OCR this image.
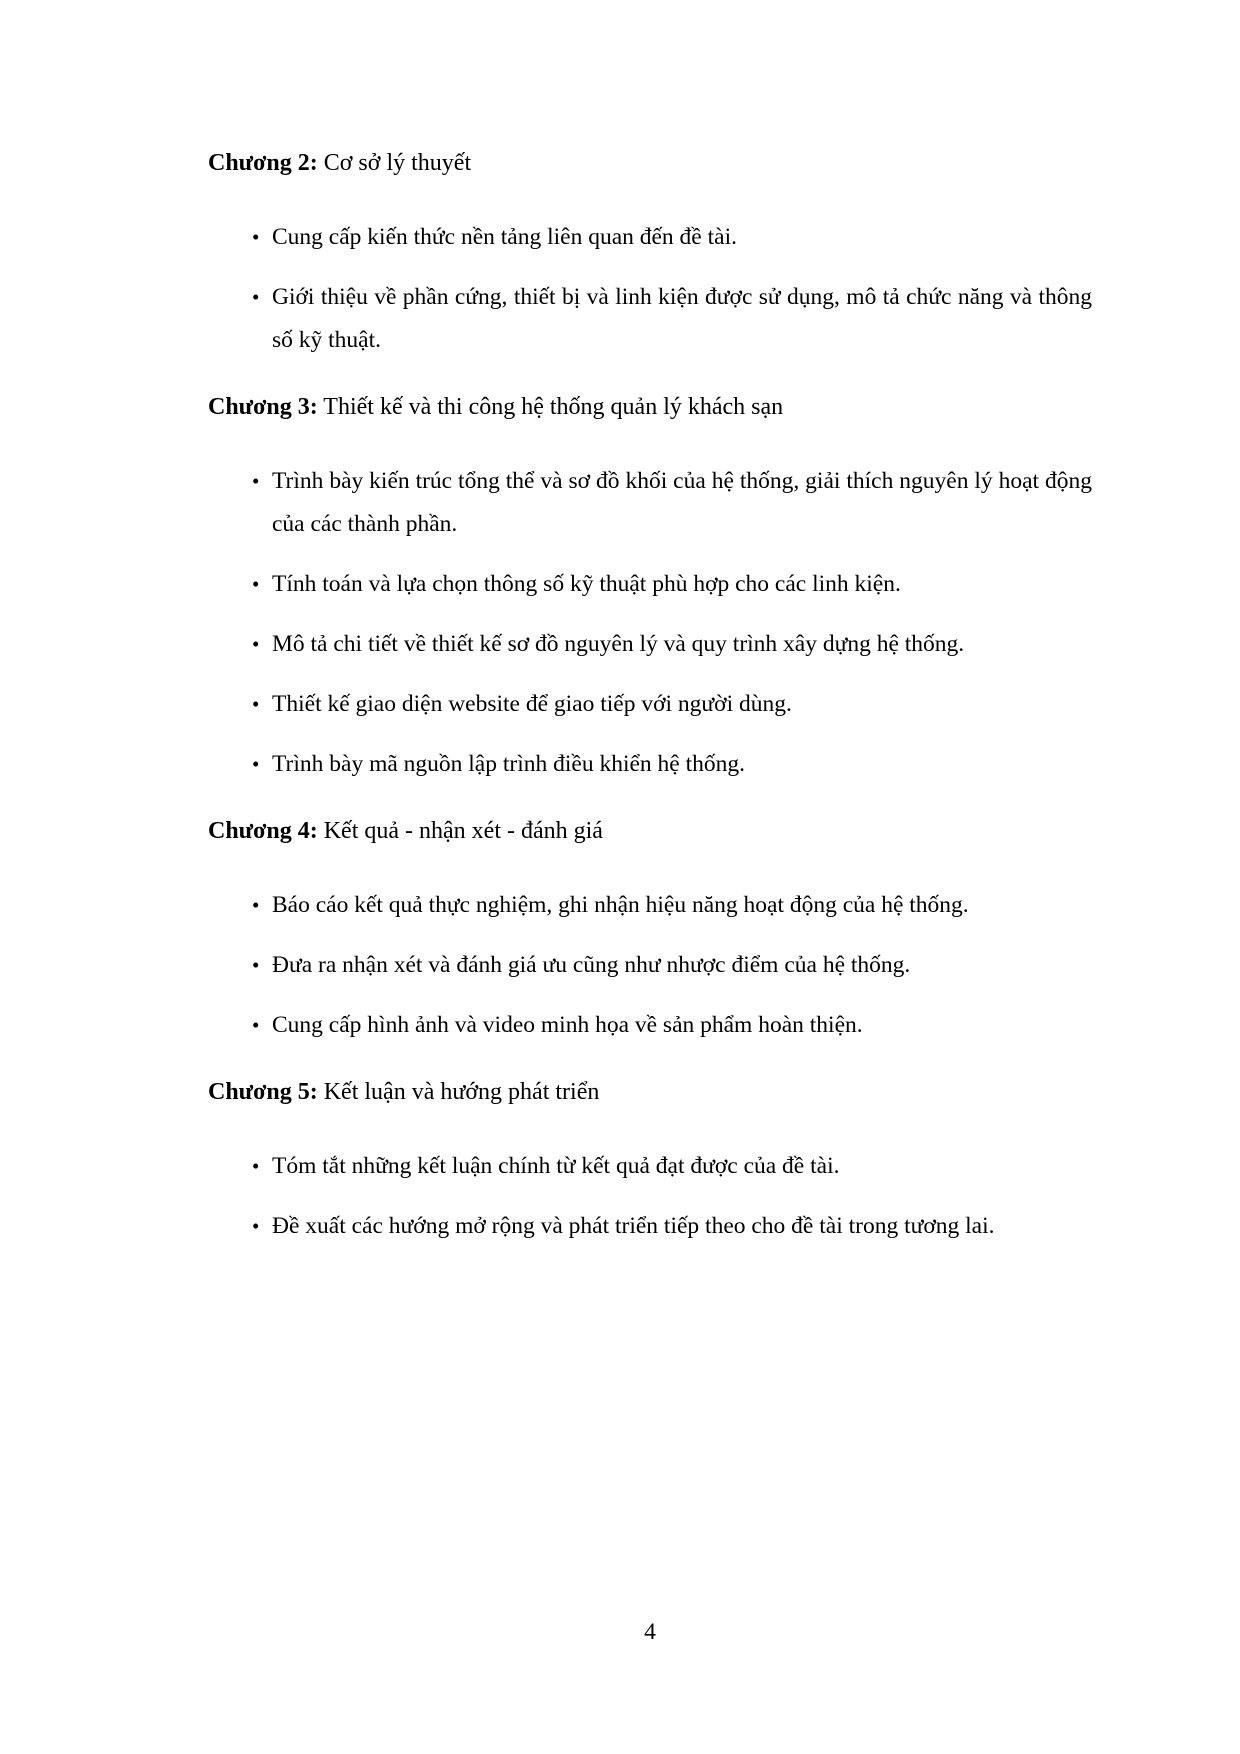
Chương 2: Cơ sở lý thuyết
• Cung cấp kiến thức nền tảng liên quan đến đề tài.
• Giới thiệu về phần cứng, thiết bị và linh kiện được sử dụng, mô tả chức năng và thông số kỹ thuật.
Chương 3: Thiết kế và thi công hệ thống quản lý khách sạn
• Trình bày kiến trúc tổng thể và sơ đồ khối của hệ thống, giải thích nguyên lý hoạt động của các thành phần.
• Tính toán và lựa chọn thông số kỹ thuật phù hợp cho các linh kiện.
• Mô tả chi tiết về thiết kế sơ đồ nguyên lý và quy trình xây dựng hệ thống.
• Thiết kế giao diện website để giao tiếp với người dùng.
• Trình bày mã nguồn lập trình điều khiển hệ thống.
Chương 4: Kết quả - nhận xét - đánh giá
• Báo cáo kết quả thực nghiệm, ghi nhận hiệu năng hoạt động của hệ thống.
• Đưa ra nhận xét và đánh giá ưu cũng như nhược điểm của hệ thống.
• Cung cấp hình ảnh và video minh họa về sản phẩm hoàn thiện.
Chương 5: Kết luận và hướng phát triển
• Tóm tắt những kết luận chính từ kết quả đạt được của đề tài.
• Đề xuất các hướng mở rộng và phát triển tiếp theo cho đề tài trong tương lai.
4
